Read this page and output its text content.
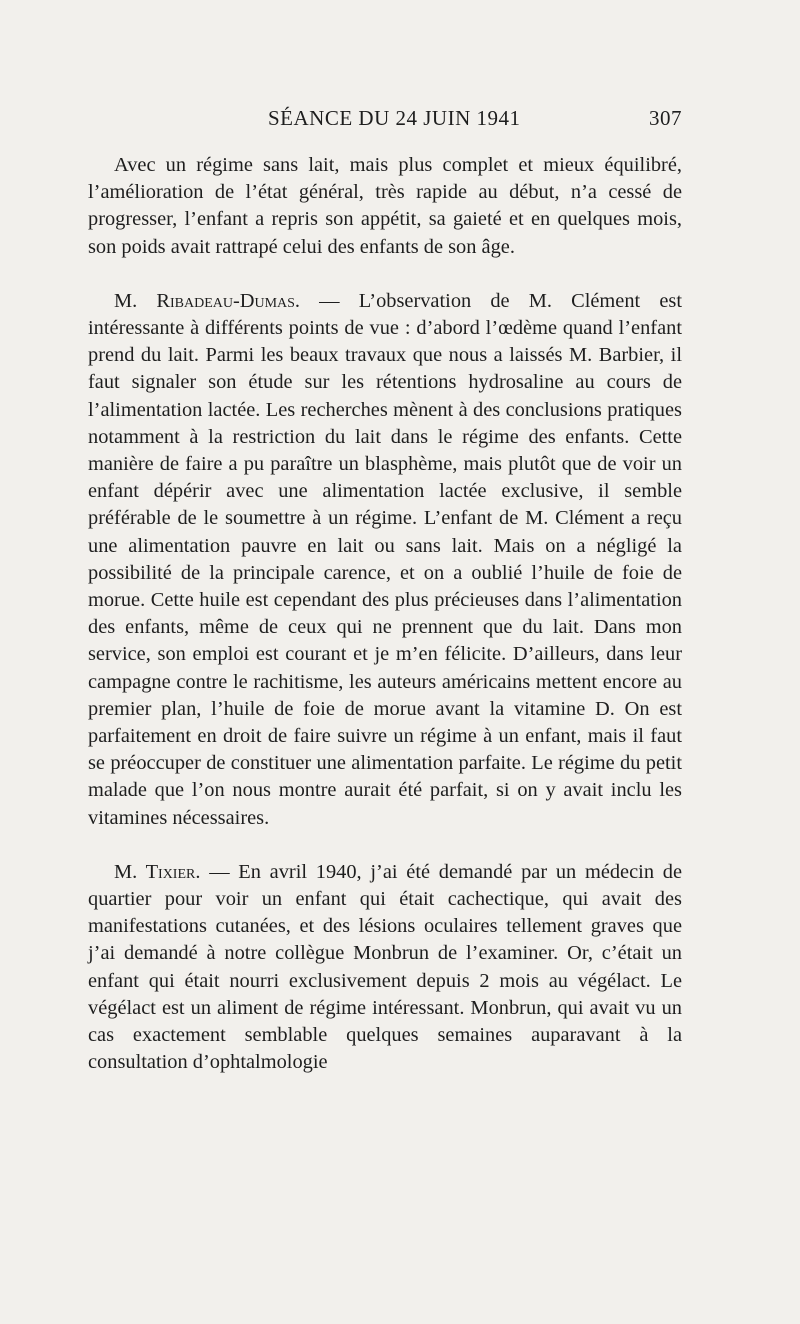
SÉANCE DU 24 JUIN 1941	307

Avec un régime sans lait, mais plus complet et mieux équilibré, l’amélioration de l’état général, très rapide au début, n’a cessé de progresser, l’enfant a repris son appétit, sa gaieté et en quelques mois, son poids avait rattrapé celui des enfants de son âge.

M. Ribadeau-Dumas. — L’observation de M. Clément est intéressante à différents points de vue : d’abord l’œdème quand l’enfant prend du lait. Parmi les beaux travaux que nous a laissés M. Barbier, il faut signaler son étude sur les rétentions hydrosaline au cours de l’alimentation lactée. Les recherches mènent à des conclusions pratiques notamment à la restriction du lait dans le régime des enfants. Cette manière de faire a pu paraître un blasphème, mais plutôt que de voir un enfant dépérir avec une alimentation lactée exclusive, il semble préférable de le soumettre à un régime. L’enfant de M. Clément a reçu une alimentation pauvre en lait ou sans lait. Mais on a négligé la possibilité de la principale carence, et on a oublié l’huile de foie de morue. Cette huile est cependant des plus précieuses dans l’alimentation des enfants, même de ceux qui ne prennent que du lait. Dans mon service, son emploi est courant et je m’en félicite. D’ailleurs, dans leur campagne contre le rachitisme, les auteurs américains mettent encore au premier plan, l’huile de foie de morue avant la vitamine D. On est parfaitement en droit de faire suivre un régime à un enfant, mais il faut se préoccuper de constituer une alimentation parfaite. Le régime du petit malade que l’on nous montre aurait été parfait, si on y avait inclu les vitamines nécessaires.

M. Tixier. — En avril 1940, j’ai été demandé par un médecin de quartier pour voir un enfant qui était cachectique, qui avait des manifestations cutanées, et des lésions oculaires tellement graves que j’ai demandé à notre collègue Monbrun de l’examiner. Or, c’était un enfant qui était nourri exclusivement depuis 2 mois au végélact. Le végélact est un aliment de régime intéressant. Monbrun, qui avait vu un cas exactement semblable quelques semaines auparavant à la consultation d’ophtalmologie
